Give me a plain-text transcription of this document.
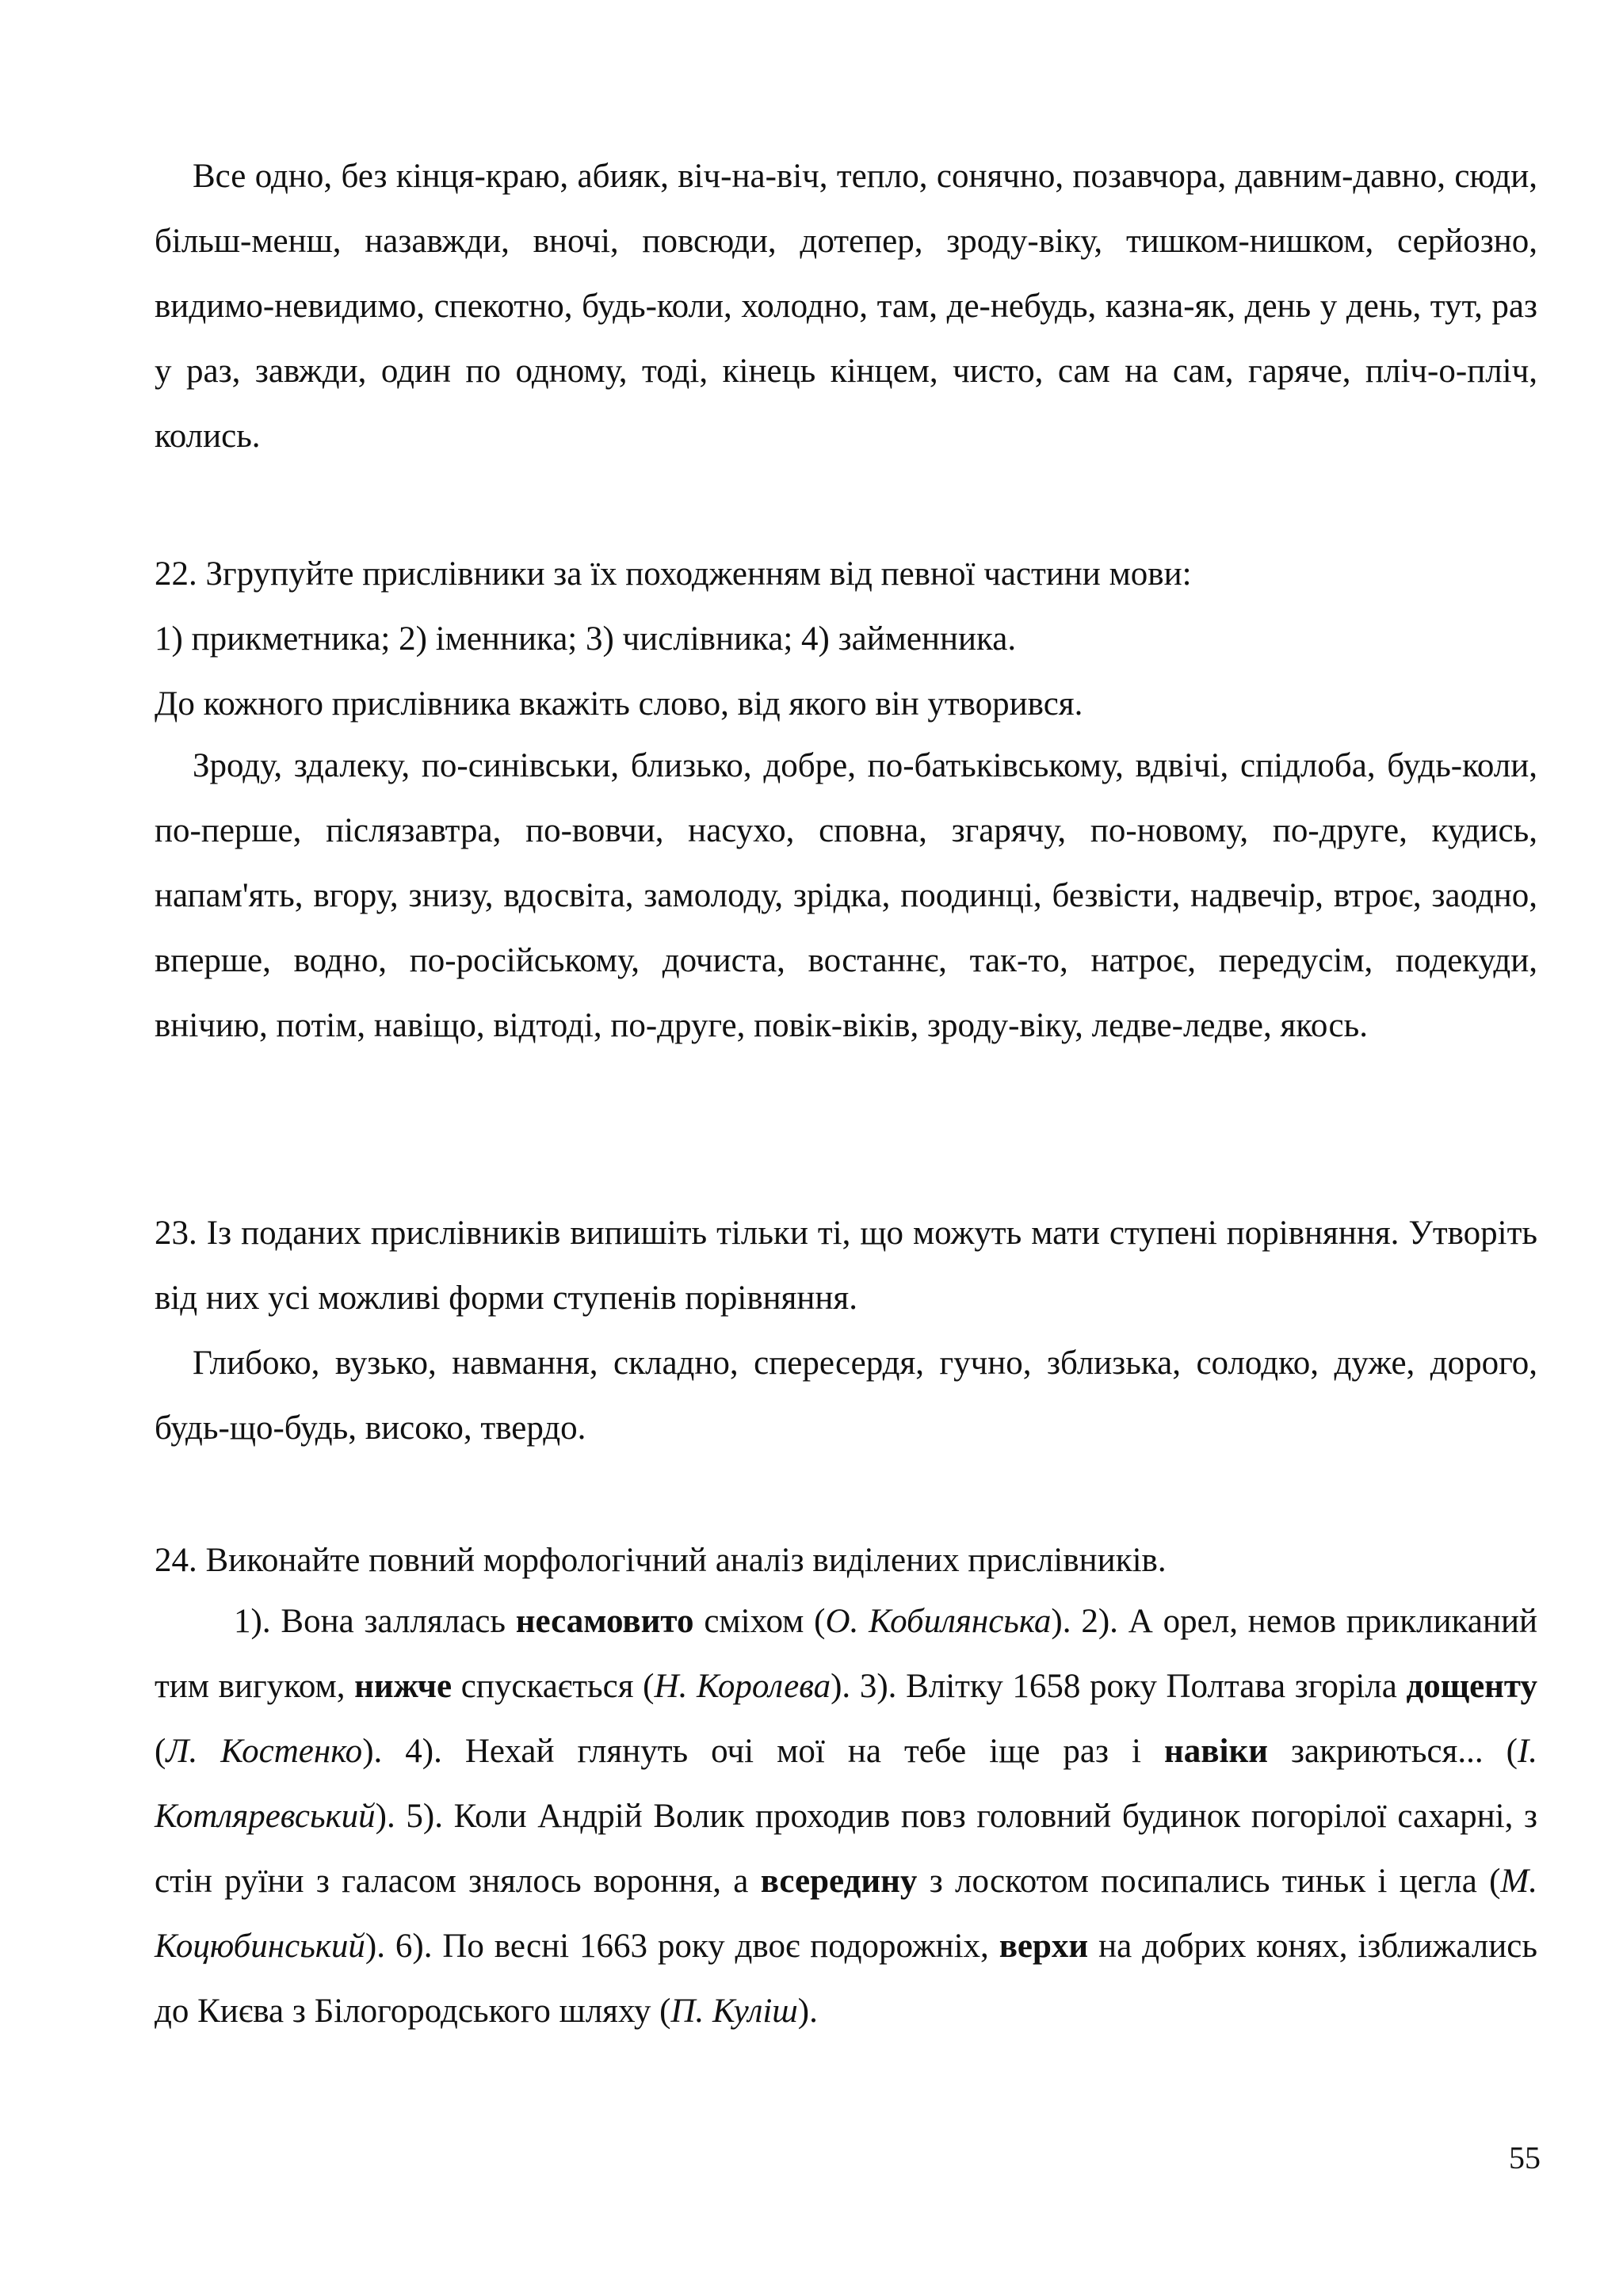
Все одно, без кінця-краю, абияк, віч-на-віч, тепло, сонячно, позавчора, давним-давно, сюди, більш-менш, назавжди, вночі, повсюди, дотепер, зроду-віку, тишком-нишком, серйозно, видимо-невидимо, спекотно, будь-коли, холодно, там, де-небудь, казна-як, день у день, тут, раз у раз, завжди, один по одному, тоді, кінець кінцем, чисто, сам на сам, гаряче, пліч-о-пліч, колись.

22. Згрупуйте прислівники за їх походженням від певної частини мови:

1) прикметника; 2) іменника; 3) числівника; 4) займенника.

До кожного прислівника вкажіть слово, від якого він утворився.

Зроду, здалеку, по-синівськи, близько, добре, по-батьківському, вдвічі, спідлоба, будь-коли, по-перше, післязавтра, по-вовчи, насухо, сповна, згарячу, по-новому, по-друге, кудись, напам'ять, вгору, знизу, вдосвіта, замолоду, зрідка, поодинці, безвісти, надвечір, втроє, заодно, вперше, водно, по-російському, дочиста, востаннє, так-то, натроє, передусім, подекуди, внічию, потім, навіщо, відтоді, по-друге, повік-віків, зроду-віку, ледве-ледве, якось.

23. Із поданих прислівників випишіть тільки ті, що можуть мати ступені порівняння. Утворіть від них усі можливі форми ступенів порівняння.

Глибоко, вузько, навмання, складно, спересердя, гучно, зблизька, солодко, дуже, дорого, будь-що-будь, високо, твердо.

24. Виконайте повний морфологічний аналіз виділених прислівників.

1). Вона заллялась несамовито сміхом (О. Кобилянська). 2). А орел, немов прикликаний тим вигуком, нижче спускається (Н. Королева). 3). Влітку 1658 року Полтава згоріла дощенту (Л. Костенко). 4). Нехай глянуть очі мої на тебе іще раз і навіки закриються... (І. Котляревський). 5). Коли Андрій Волик проходив повз головний будинок погорілої сахарні, з стін руїни з галасом знялось вороння, а всередину з лоскотом посипались тиньк і цегла (М. Коцюбинський). 6). По весні 1663 року двоє подорожніх, верхи на добрих конях, ізближались до Києва з Білогородського шляху (П. Куліш).

55
